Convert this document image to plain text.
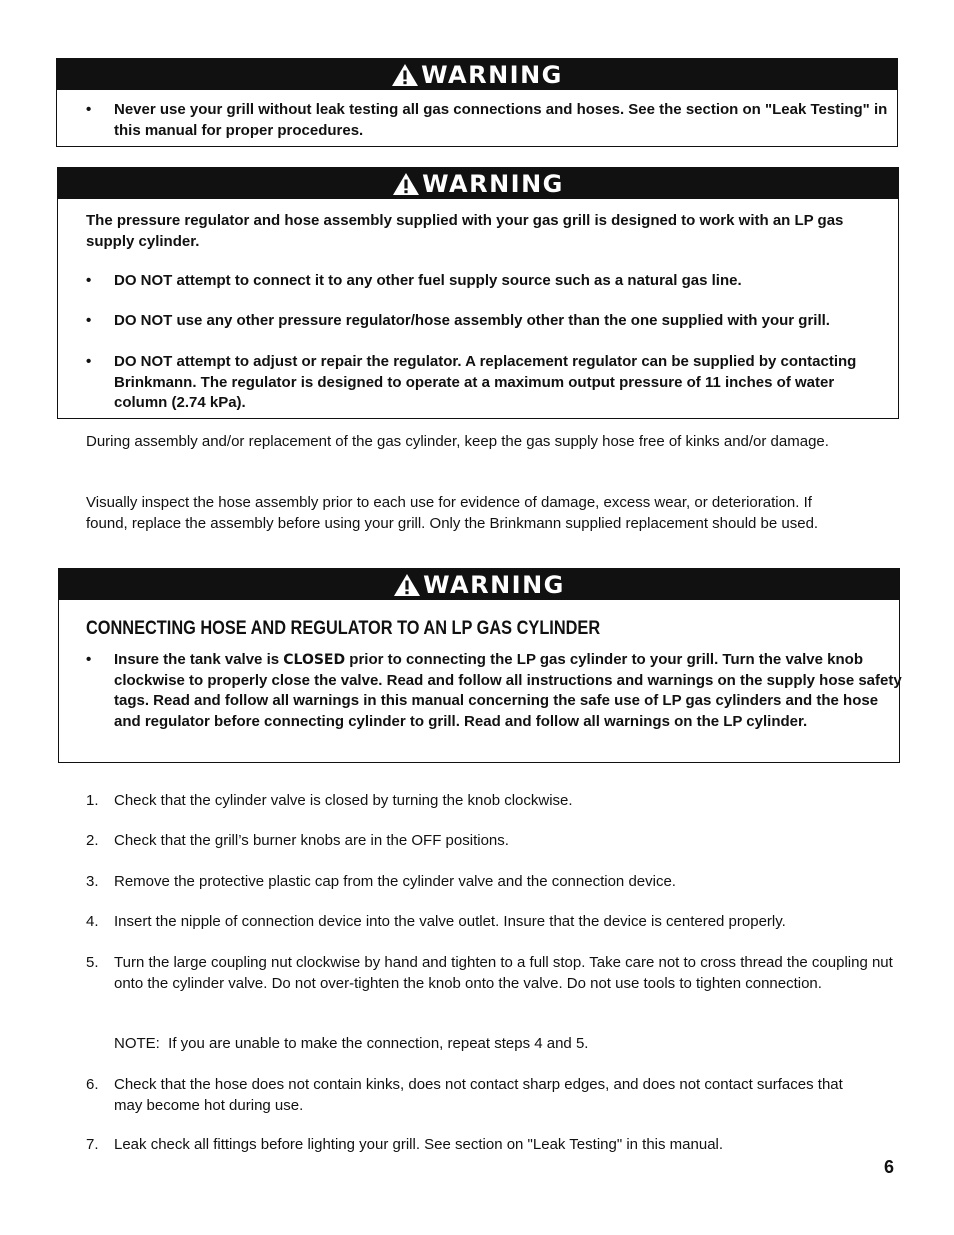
WARNING
• Never use your grill without leak testing all gas connections and hoses. See the section on "Leak Testing" in this manual for proper procedures.
WARNING
The pressure regulator and hose assembly supplied with your gas grill is designed to work with an LP gas supply cylinder.
• DO NOT attempt to connect it to any other fuel supply source such as a natural gas line.
• DO NOT use any other pressure regulator/hose assembly other than the one supplied with your grill.
• DO NOT attempt to adjust or repair the regulator. A replacement regulator can be supplied by contacting Brinkmann. The regulator is designed to operate at a maximum output pressure of 11 inches of water column (2.74 kPa).
During assembly and/or replacement of the gas cylinder, keep the gas supply hose free of kinks and/or damage.
Visually inspect the hose assembly prior to each use for evidence of damage, excess wear, or deterioration. If found, replace the assembly before using your grill. Only the Brinkmann supplied replacement should be used.
WARNING
CONNECTING HOSE AND REGULATOR TO AN LP GAS CYLINDER
• Insure the tank valve is CLOSED prior to connecting the LP gas cylinder to your grill. Turn the valve knob clockwise to properly close the valve. Read and follow all instructions and warnings on the supply hose safety tags. Read and follow all warnings in this manual concerning the safe use of LP gas cylinders and the hose and regulator before connecting cylinder to grill. Read and follow all warnings on the LP cylinder.
1. Check that the cylinder valve is closed by turning the knob clockwise.
2. Check that the grill’s burner knobs are in the OFF positions.
3. Remove the protective plastic cap from the cylinder valve and the connection device.
4. Insert the nipple of connection device into the valve outlet. Insure that the device is centered properly.
5. Turn the large coupling nut clockwise by hand and tighten to a full stop. Take care not to cross thread the coupling nut onto the cylinder valve. Do not over-tighten the knob onto the valve. Do not use tools to tighten connection.
NOTE:  If you are unable to make the connection, repeat steps 4 and 5.
6. Check that the hose does not contain kinks, does not contact sharp edges, and does not contact surfaces that may become hot during use.
7. Leak check all fittings before lighting your grill. See section on "Leak Testing" in this manual.
6
